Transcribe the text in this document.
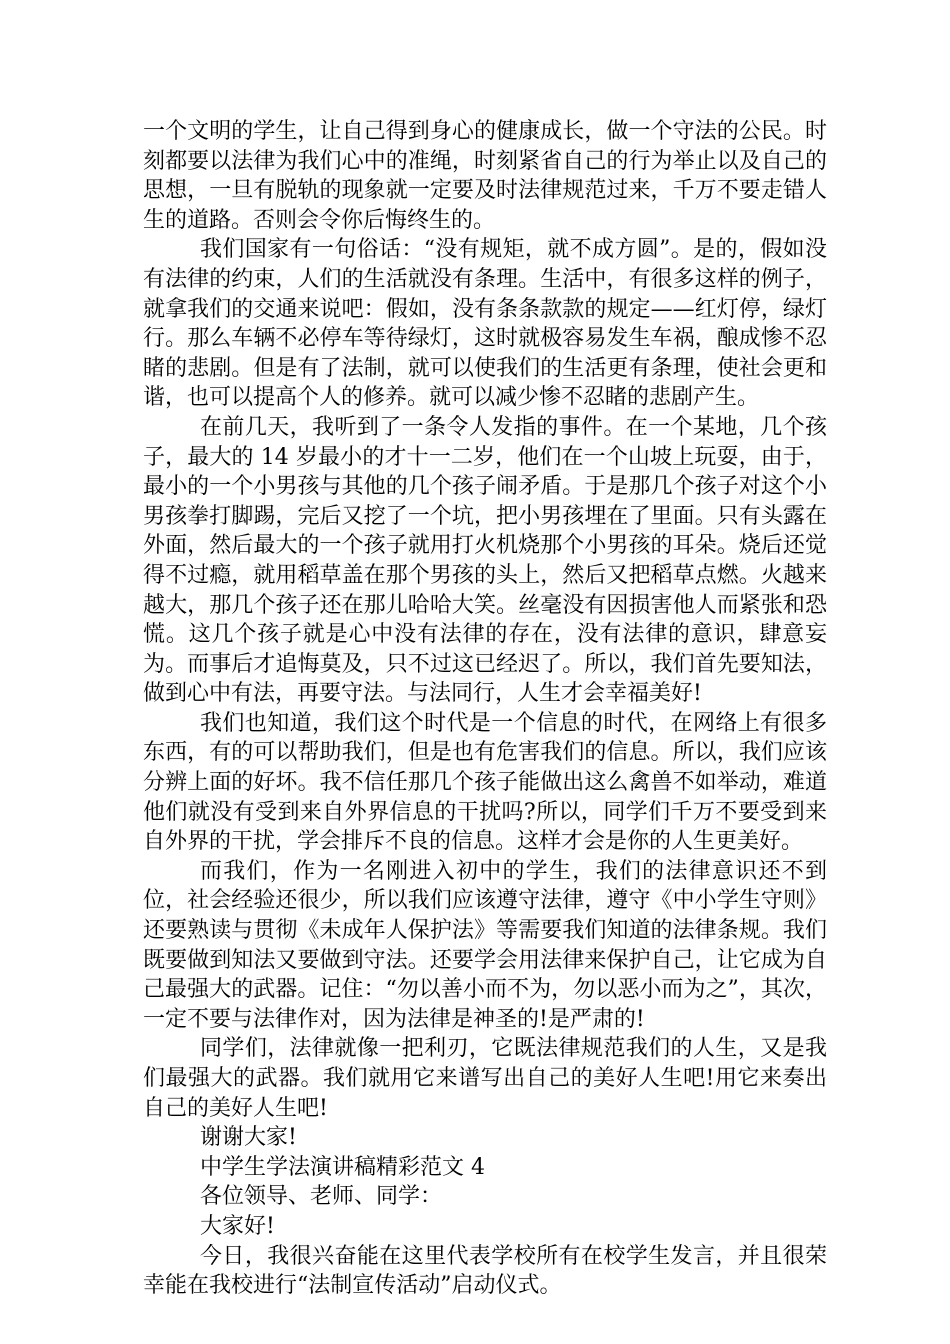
一个文明的学生，让自己得到身心的健康成长，做一个守法的公民。时刻都要以法律为我们心中的准绳，时刻紧省自己的行为举止以及自己的思想，一旦有脱轨的现象就一定要及时法律规范过来，千万不要走错人生的道路。否则会令你后悔终生的。

我们国家有一句俗话：“没有规矩，就不成方圆”。是的，假如没有法律的约束，人们的生活就没有条理。生活中，有很多这样的例子，就拿我们的交通来说吧：假如，没有条条款款的规定——红灯停，绿灯行。那么车辆不必停车等待绿灯，这时就极容易发生车祸，酿成惨不忍睹的悲剧。但是有了法制，就可以使我们的生活更有条理，使社会更和谐，也可以提高个人的修养。就可以减少惨不忍睹的悲剧产生。

在前几天，我听到了一条令人发指的事件。在一个某地，几个孩子，最大的 14 岁最小的才十一二岁，他们在一个山坡上玩耍，由于，最小的一个小男孩与其他的几个孩子闹矛盾。于是那几个孩子对这个小男孩拳打脚踢，完后又挖了一个坑，把小男孩埋在了里面。只有头露在外面，然后最大的一个孩子就用打火机烧那个小男孩的耳朵。烧后还觉得不过瘾，就用稻草盖在那个男孩的头上，然后又把稻草点燃。火越来越大，那几个孩子还在那儿哈哈大笑。丝毫没有因损害他人而紧张和恐慌。这几个孩子就是心中没有法律的存在，没有法律的意识，肆意妄为。而事后才追悔莫及，只不过这已经迟了。所以，我们首先要知法，做到心中有法，再要守法。与法同行，人生才会幸福美好!

我们也知道，我们这个时代是一个信息的时代，在网络上有很多东西，有的可以帮助我们，但是也有危害我们的信息。所以，我们应该分辨上面的好坏。我不信任那几个孩子能做出这么禽兽不如举动，难道他们就没有受到来自外界信息的干扰吗?所以，同学们千万不要受到来自外界的干扰，学会排斥不良的信息。这样才会是你的人生更美好。

而我们，作为一名刚进入初中的学生，我们的法律意识还不到位，社会经验还很少，所以我们应该遵守法律，遵守《中小学生守则》还要熟读与贯彻《未成年人保护法》等需要我们知道的法律条规。我们既要做到知法又要做到守法。还要学会用法律来保护自己，让它成为自己最强大的武器。记住：“勿以善小而不为，勿以恶小而为之”，其次，一定不要与法律作对，因为法律是神圣的!是严肃的!

同学们，法律就像一把利刃，它既法律规范我们的人生，又是我们最强大的武器。我们就用它来谱写出自己的美好人生吧!用它来奏出自己的美好人生吧!

谢谢大家!

中学生学法演讲稿精彩范文 4

各位领导、老师、同学：

大家好!

今日，我很兴奋能在这里代表学校所有在校学生发言，并且很荣幸能在我校进行“法制宣传活动”启动仪式。
